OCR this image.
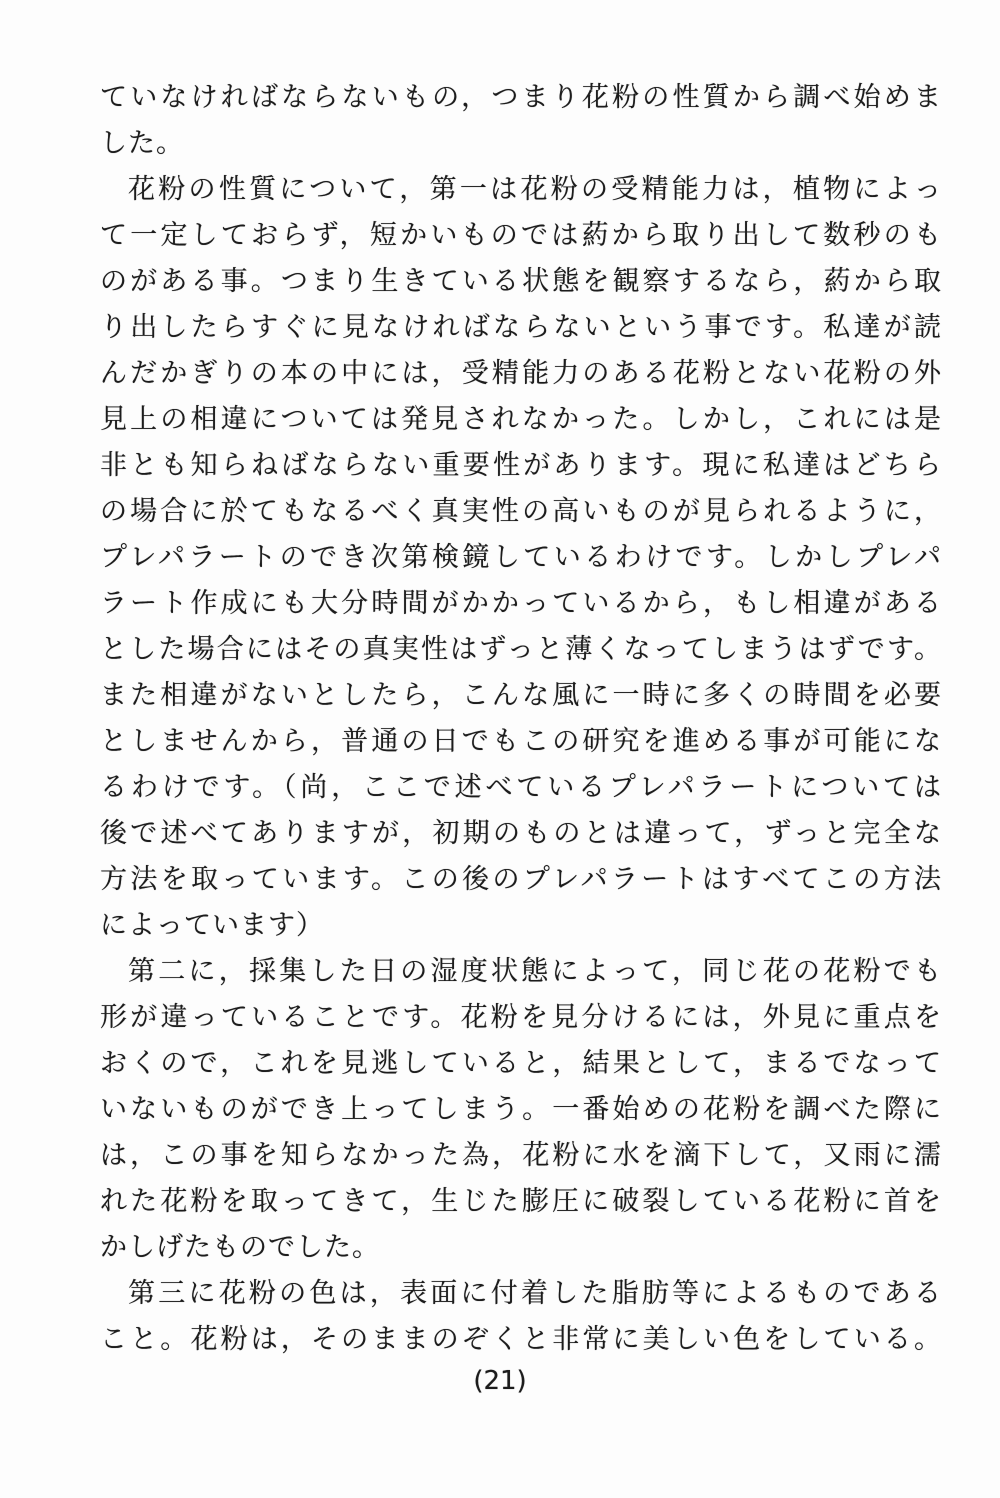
ていなければならないもの，つまり花粉の性質から調べ始めま
した。
花粉の性質について，第一は花粉の受精能力は，植物によっ
て一定しておらず，短かいものでは葯から取り出して数秒のも
のがある事。つまり生きている状態を観察するなら，葯から取
り出したらすぐに見なければならないという事です。私達が読
んだかぎりの本の中には，受精能力のある花粉とない花粉の外
見上の相違については発見されなかった。しかし，これには是
非とも知らねばならない重要性があります。現に私達はどちら
の場合に於てもなるべく真実性の高いものが見られるように，
プレパラートのでき次第検鏡しているわけです。しかしプレパ
ラート作成にも大分時間がかかっているから，もし相違がある
とした場合にはその真実性はずっと薄くなってしまうはずです。
また相違がないとしたら，こんな風に一時に多くの時間を必要
としませんから，普通の日でもこの研究を進める事が可能にな
るわけです。（尚，ここで述べているプレパラートについては
後で述べてありますが，初期のものとは違って，ずっと完全な
方法を取っています。この後のプレパラートはすべてこの方法
によっています）
第二に，採集した日の湿度状態によって，同じ花の花粉でも
形が違っていることです。花粉を見分けるには，外見に重点を
おくので，これを見逃していると，結果として，まるでなって
いないものができ上ってしまう。一番始めの花粉を調べた際に
は，この事を知らなかった為，花粉に水を滴下して，又雨に濡
れた花粉を取ってきて，生じた膨圧に破裂している花粉に首を
かしげたものでした。
第三に花粉の色は，表面に付着した脂肪等によるものである
こと。花粉は，そのままのぞくと非常に美しい色をしている。
(21)
